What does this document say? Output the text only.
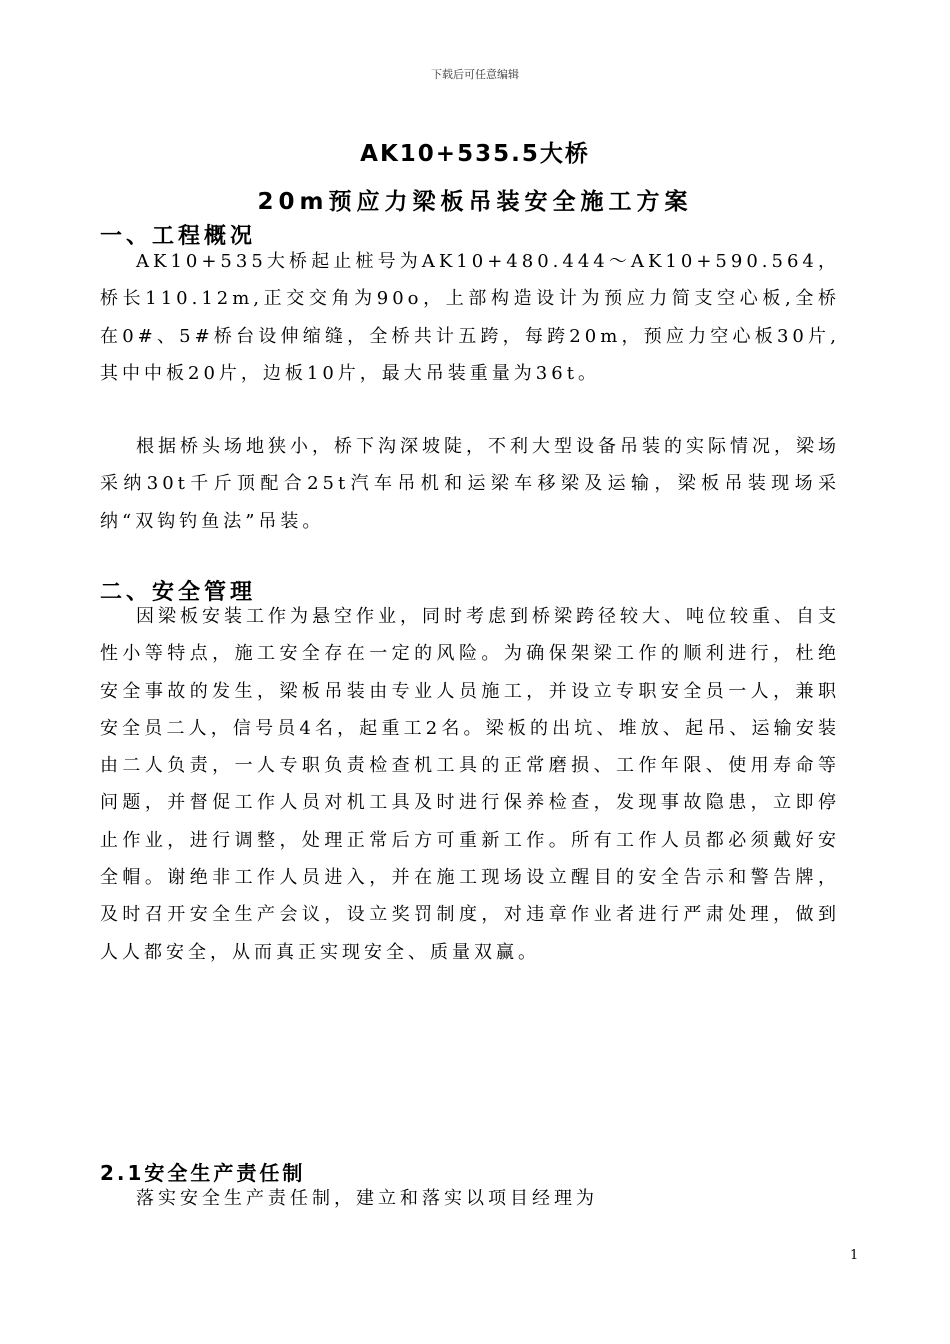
下载后可任意编辑
AK10+535.5大桥
20m预应力梁板吊装安全施工方案
一、工程概况
AK10+535大桥起止桩号为AK10+480.444～AK10+590.564，桥长110.12m,正交交角为90o，上部构造设计为预应力简支空心板,全桥在0#、5#桥台设伸缩缝，全桥共计五跨，每跨20m，预应力空心板30片,其中中板20片，边板10片，最大吊装重量为36t。
根据桥头场地狭小，桥下沟深坡陡，不利大型设备吊装的实际情况，梁场采纳30t千斤顶配合25t汽车吊机和运梁车移梁及运输，梁板吊装现场采纳“双钩钓鱼法”吊装。
二、安全管理
因梁板安装工作为悬空作业，同时考虑到桥梁跨径较大、吨位较重、自支性小等特点，施工安全存在一定的风险。为确保架梁工作的顺利进行，杜绝安全事故的发生，梁板吊装由专业人员施工，并设立专职安全员一人，兼职安全员二人，信号员4名，起重工2名。梁板的出坑、堆放、起吊、运输安装由二人负责，一人专职负责检查机工具的正常磨损、工作年限、使用寿命等问题，并督促工作人员对机工具及时进行保养检查，发现事故隐患，立即停止作业，进行调整，处理正常后方可重新工作。所有工作人员都必须戴好安全帽。谢绝非工作人员进入，并在施工现场设立醒目的安全告示和警告牌，及时召开安全生产会议，设立奖罚制度，对违章作业者进行严肃处理，做到人人都安全，从而真正实现安全、质量双赢。
2.1安全生产责任制
落实安全生产责任制，建立和落实以项目经理为
1
